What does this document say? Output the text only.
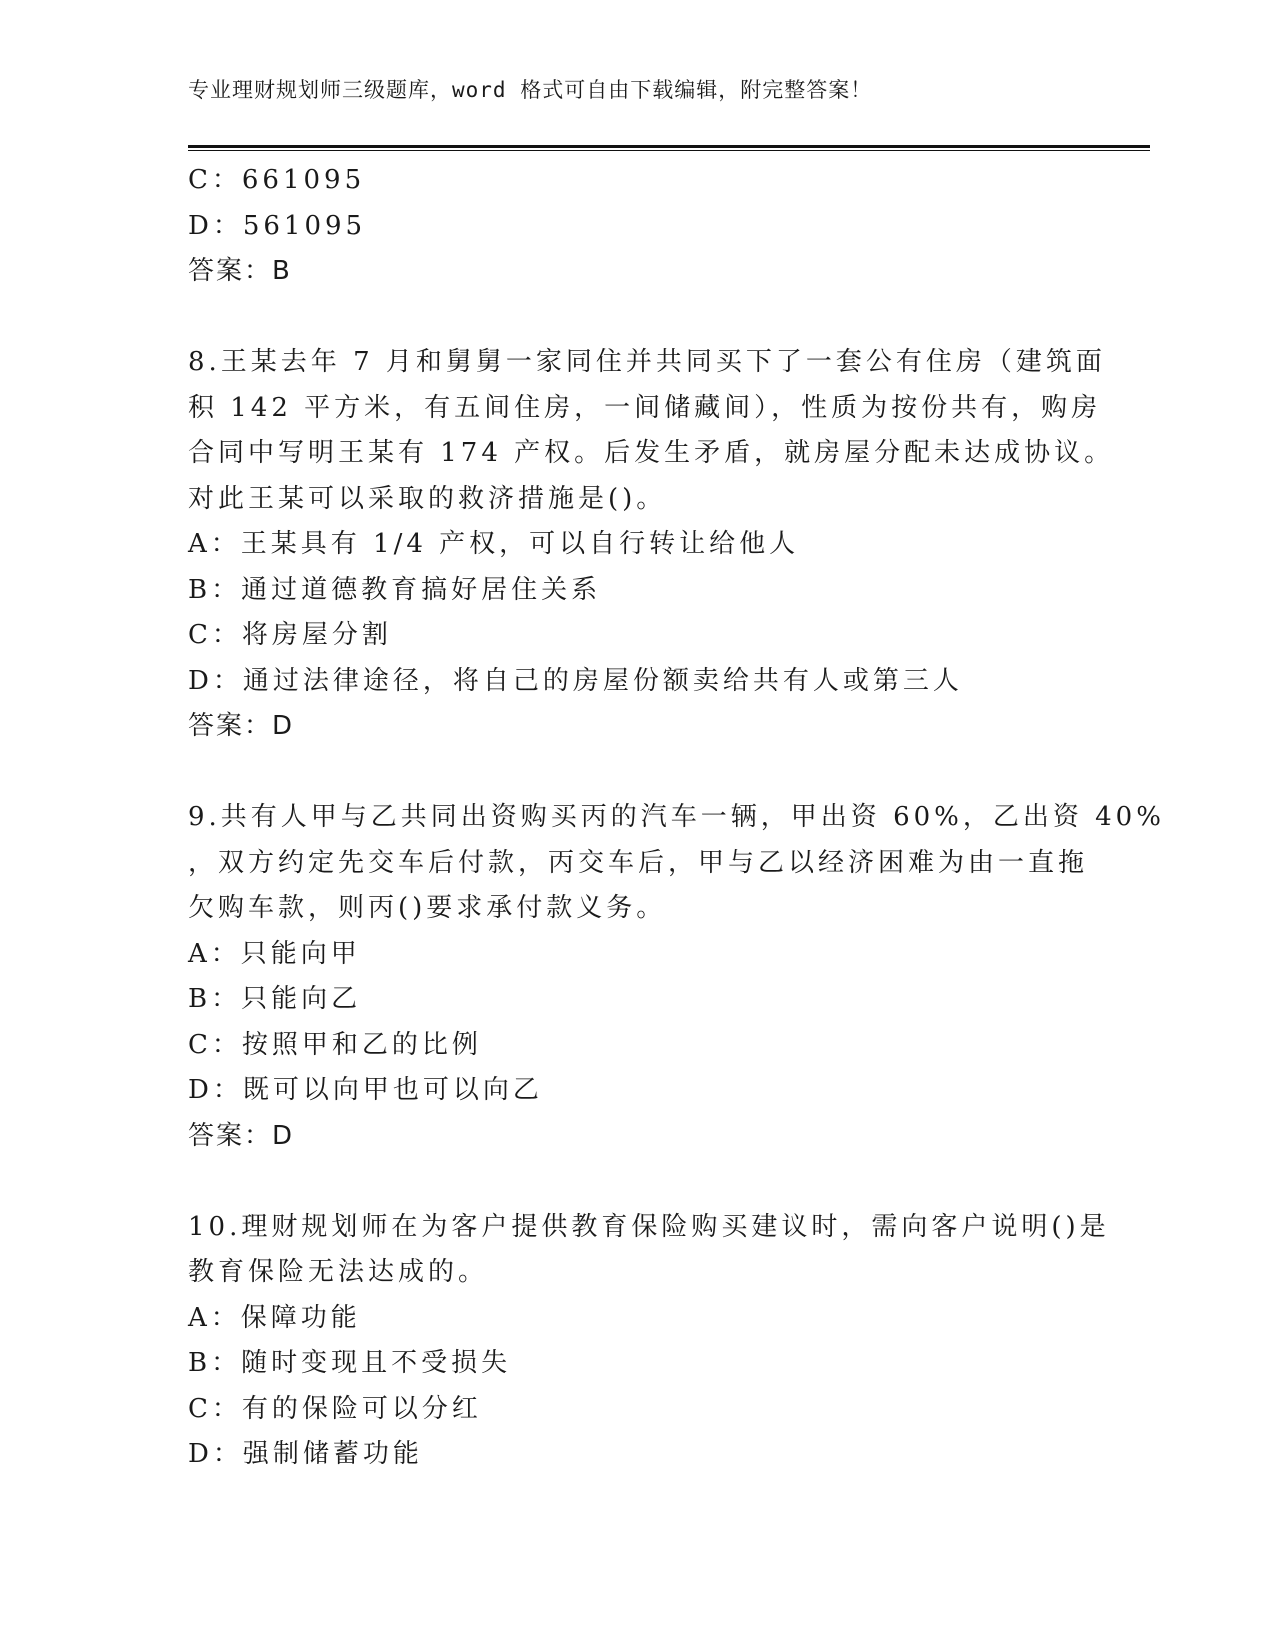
专业理财规划师三级题库，word 格式可自由下载编辑，附完整答案！
C：661095
D：561095
答案：B
8.王某去年 7 月和舅舅一家同住并共同买下了一套公有住房（建筑面
积 142 平方米，有五间住房，一间储藏间），性质为按份共有，购房
合同中写明王某有 174 产权。后发生矛盾，就房屋分配未达成协议。
对此王某可以采取的救济措施是()。
A：王某具有 1/4 产权，可以自行转让给他人
B：通过道德教育搞好居住关系
C：将房屋分割
D：通过法律途径，将自己的房屋份额卖给共有人或第三人
答案：D
9.共有人甲与乙共同出资购买丙的汽车一辆，甲出资 60%，乙出资 40%
，双方约定先交车后付款，丙交车后，甲与乙以经济困难为由一直拖
欠购车款，则丙()要求承付款义务。
A：只能向甲
B：只能向乙
C：按照甲和乙的比例
D：既可以向甲也可以向乙
答案：D
10.理财规划师在为客户提供教育保险购买建议时，需向客户说明()是
教育保险无法达成的。
A：保障功能
B：随时变现且不受损失
C：有的保险可以分红
D：强制储蓄功能
